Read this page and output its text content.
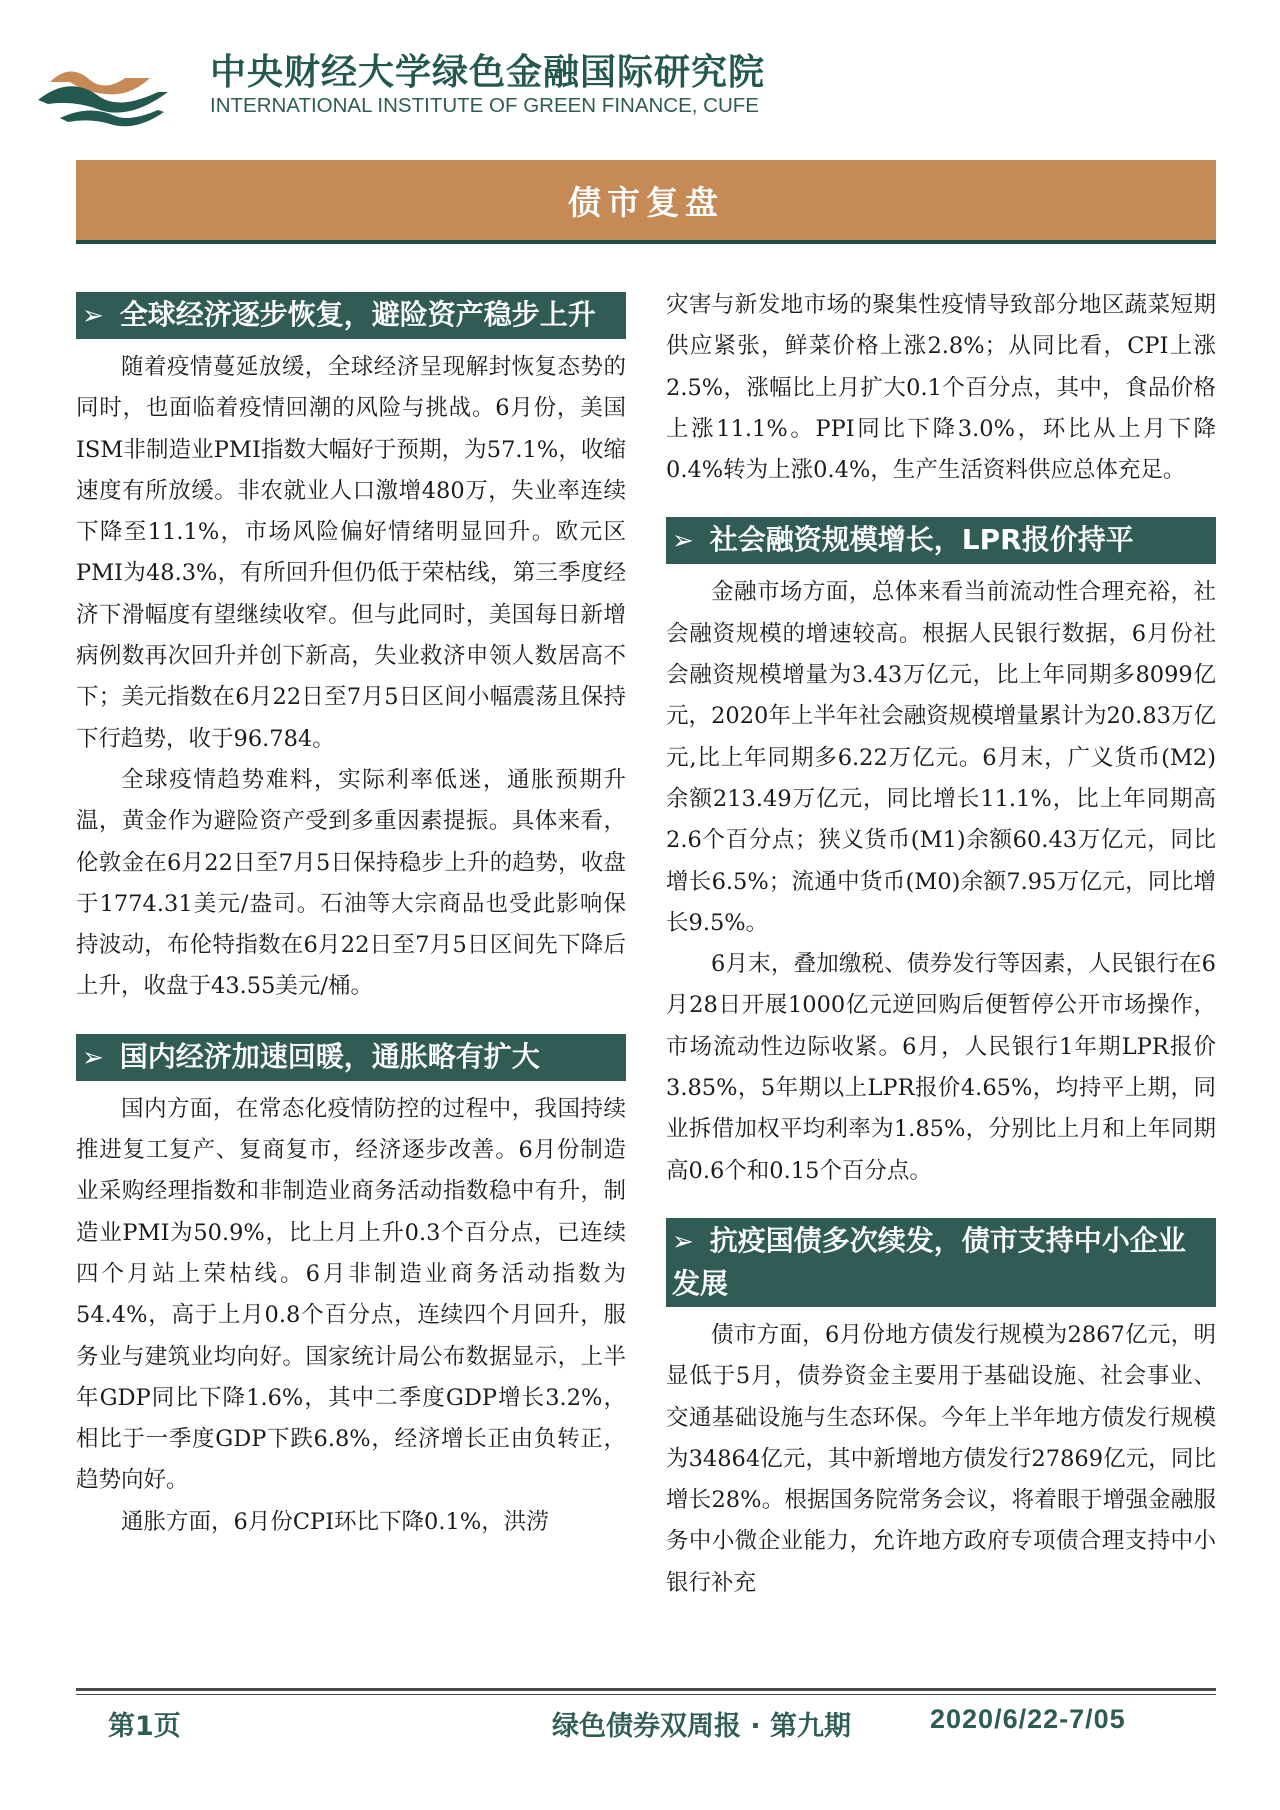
中央财经大学绿色金融国际研究院
INTERNATIONAL INSTITUTE OF GREEN FINANCE, CUFE
债市复盘
➢ 全球经济逐步恢复，避险资产稳步上升

随着疫情蔓延放缓，全球经济呈现解封恢复态势的同时，也面临着疫情回潮的风险与挑战。6月份，美国ISM非制造业PMI指数大幅好于预期，为57.1%，收缩速度有所放缓。非农就业人口激增480万，失业率连续下降至11.1%，市场风险偏好情绪明显回升。欧元区PMI为48.3%，有所回升但仍低于荣枯线，第三季度经济下滑幅度有望继续收窄。但与此同时，美国每日新增病例数再次回升并创下新高，失业救济申领人数居高不下；美元指数在6月22日至7月5日区间小幅震荡且保持下行趋势，收于96.784。

全球疫情趋势难料，实际利率低迷，通胀预期升温，黄金作为避险资产受到多重因素提振。具体来看，伦敦金在6月22日至7月5日保持稳步上升的趋势，收盘于1774.31美元/盎司。石油等大宗商品也受此影响保持波动，布伦特指数在6月22日至7月5日区间先下降后上升，收盘于43.55美元/桶。

➢ 国内经济加速回暖，通胀略有扩大

国内方面，在常态化疫情防控的过程中，我国持续推进复工复产、复商复市，经济逐步改善。6月份制造业采购经理指数和非制造业商务活动指数稳中有升，制造业PMI为50.9%，比上月上升0.3个百分点，已连续四个月站上荣枯线。6月非制造业商务活动指数为54.4%，高于上月0.8个百分点，连续四个月回升，服务业与建筑业均向好。国家统计局公布数据显示，上半年GDP同比下降1.6%，其中二季度GDP增长3.2%，相比于一季度GDP下跌6.8%，经济增长正由负转正，趋势向好。

通胀方面，6月份CPI环比下降0.1%，洪涝

灾害与新发地市场的聚集性疫情导致部分地区蔬菜短期供应紧张，鲜菜价格上涨2.8%；从同比看，CPI上涨2.5%，涨幅比上月扩大0.1个百分点，其中，食品价格上涨11.1%。PPI同比下降3.0%，环比从上月下降0.4%转为上涨0.4%，生产生活资料供应总体充足。

➢ 社会融资规模增长，LPR报价持平

金融市场方面，总体来看当前流动性合理充裕，社会融资规模的增速较高。根据人民银行数据，6月份社会融资规模增量为3.43万亿元，比上年同期多8099亿元，2020年上半年社会融资规模增量累计为20.83万亿元,比上年同期多6.22万亿元。6月末，广义货币(M2)余额213.49万亿元，同比增长11.1%，比上年同期高2.6个百分点；狭义货币(M1)余额60.43万亿元，同比增长6.5%；流通中货币(M0)余额7.95万亿元，同比增长9.5%。

6月末，叠加缴税、债券发行等因素，人民银行在6月28日开展1000亿元逆回购后便暂停公开市场操作，市场流动性边际收紧。6月，人民银行1年期LPR报价3.85%，5年期以上LPR报价4.65%，均持平上期，同业拆借加权平均利率为1.85%，分别比上月和上年同期高0.6个和0.15个百分点。

➢ 抗疫国债多次续发，债市支持中小企业发展

债市方面，6月份地方债发行规模为2867亿元，明显低于5月，债券资金主要用于基础设施、社会事业、交通基础设施与生态环保。今年上半年地方债发行规模为34864亿元，其中新增地方债发行27869亿元，同比增长28%。根据国务院常务会议，将着眼于增强金融服务中小微企业能力，允许地方政府专项债合理支持中小银行补充

第1页	绿色债券双周报 · 第九期	2020/6/22-7/05
